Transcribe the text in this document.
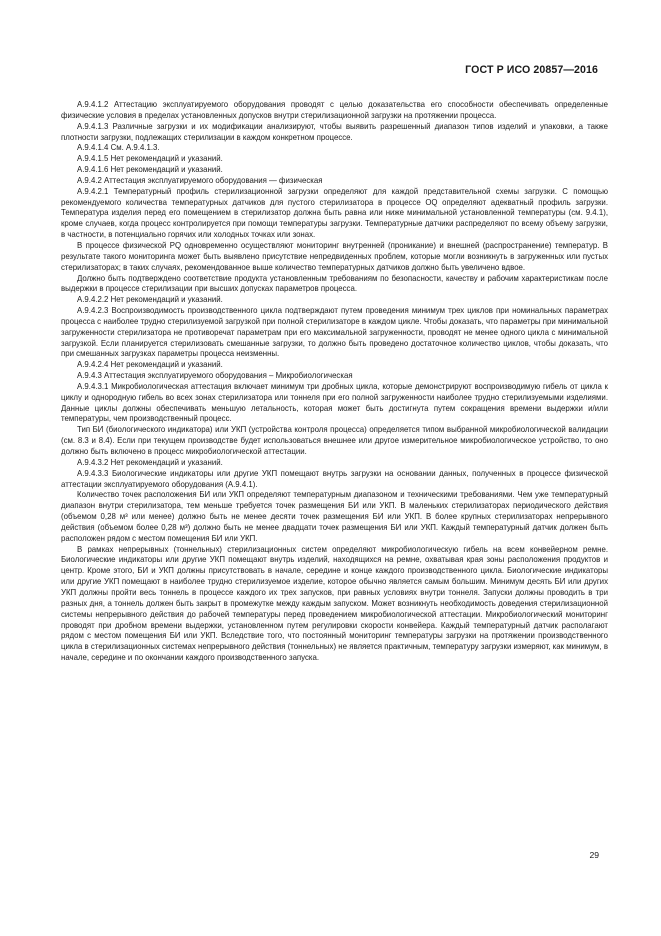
ГОСТ Р ИСО 20857—2016

А.9.4.1.2 Аттестацию эксплуатируемого оборудования проводят с целью доказательства его способности обеспечивать определенные физические условия в пределах установленных допусков внутри стерилизационной загрузки на протяжении процесса.

А.9.4.1.3 Различные загрузки и их модификации анализируют, чтобы выявить разрешенный диапазон типов изделий и упаковки, а также плотности загрузки, подлежащих стерилизации в каждом конкретном процессе.

А.9.4.1.4 См. А.9.4.1.3.

А.9.4.1.5 Нет рекомендаций и указаний.

А.9.4.1.6 Нет рекомендаций и указаний.

А.9.4.2 Аттестация эксплуатируемого оборудования — физическая

А.9.4.2.1 Температурный профиль стерилизационной загрузки определяют для каждой представительной схемы загрузки. С помощью рекомендуемого количества температурных датчиков для пустого стерилизатора в процессе OQ определяют адекватный профиль загрузки. Температура изделия перед его помещением в стерилизатор должна быть равна или ниже минимальной установленной температуры (см. 9.4.1), кроме случаев, когда процесс контролируется при помощи температуры загрузки. Температурные датчики распределяют по всему объему загрузки, в частности, в потенциально горячих или холодных точках или зонах.

В процессе физической PQ одновременно осуществляют мониторинг внутренней (проникание) и внешней (распространение) температур. В результате такого мониторинга может быть выявлено присутствие непредвиденных проблем, которые могли возникнуть в загруженных или пустых стерилизаторах; в таких случаях, рекомендованное выше количество температурных датчиков должно быть увеличено вдвое.

Должно быть подтверждено соответствие продукта установленным требованиям по безопасности, качеству и рабочим характеристикам после выдержки в процессе стерилизации при высших допусках параметров процесса.

А.9.4.2.2 Нет рекомендаций и указаний.

А.9.4.2.3 Воспроизводимость производственного цикла подтверждают путем проведения минимум трех циклов при номинальных параметрах процесса с наиболее трудно стерилизуемой загрузкой при полной стерилизаторе в каждом цикле. Чтобы доказать, что параметры при минимальной загруженности стерилизатора не противоречат параметрам при его максимальной загруженности, проводят не менее одного цикла с минимальной загрузкой. Если планируется стерилизовать смешанные загрузки, то должно быть проведено достаточное количество циклов, чтобы доказать, что при смешанных загрузках параметры процесса неизменны.

А.9.4.2.4 Нет рекомендаций и указаний.

А.9.4.3 Аттестация эксплуатируемого оборудования – Микробиологическая

А.9.4.3.1 Микробиологическая аттестация включает минимум три дробных цикла, которые демонстрируют воспроизводимую гибель от цикла к циклу и однородную гибель во всех зонах стерилизатора или тоннеля при его полной загруженности наиболее трудно стерилизуемыми изделиями. Данные циклы должны обеспечивать меньшую летальность, которая может быть достигнута путем сокращения времени выдержки и/или температуры, чем производственный процесс.

Тип БИ (биологического индикатора) или УКП (устройства контроля процесса) определяется типом выбранной микробиологической валидации (см. 8.3 и 8.4). Если при текущем производстве будет использоваться внешнее или другое измерительное микробиологическое устройство, то оно должно быть включено в процесс микробиологической аттестации.

А.9.4.3.2 Нет рекомендаций и указаний.

А.9.4.3.3 Биологические индикаторы или другие УКП помещают внутрь загрузки на основании данных, полученных в процессе физической аттестации эксплуатируемого оборудования (А.9.4.1).

Количество точек расположения БИ или УКП определяют температурным диапазоном и техническими требованиями. Чем уже температурный диапазон внутри стерилизатора, тем меньше требуется точек размещения БИ или УКП. В маленьких стерилизаторах периодического действия (объемом 0,28 м³ или менее) должно быть не менее десяти точек размещения БИ или УКП. В более крупных стерилизаторах непрерывного действия (объемом более 0,28 м³) должно быть не менее двадцати точек размещения БИ или УКП. Каждый температурный датчик должен быть расположен рядом с местом помещения БИ или УКП.

В рамках непрерывных (тоннельных) стерилизационных систем определяют микробиологическую гибель на всем конвейерном ремне. Биологические индикаторы или другие УКП помещают внутрь изделий, находящихся на ремне, охватывая края зоны расположения продуктов и центр. Кроме этого, БИ и УКП должны присутствовать в начале, середине и конце каждого производственного цикла. Биологические индикаторы или другие УКП помещают в наиболее трудно стерилизуемое изделие, которое обычно является самым большим. Минимум десять БИ или других УКП должны пройти весь тоннель в процессе каждого их трех запусков, при равных условиях внутри тоннеля. Запуски должны проводить в три разных дня, а тоннель должен быть закрыт в промежутке между каждым запуском. Может возникнуть необходимость доведения стерилизационной системы непрерывного действия до рабочей температуры перед проведением микробиологической аттестации. Микробиологический мониторинг проводят при дробном времени выдержки, установленном путем регулировки скорости конвейера. Каждый температурный датчик располагают рядом с местом помещения БИ или УКП. Вследствие того, что постоянный мониторинг температуры загрузки на протяжении производственного цикла в стерилизационных системах непрерывного действия (тоннельных) не является практичным, температуру загрузки измеряют, как минимум, в начале, середине и по окончании каждого производственного запуска.

29
